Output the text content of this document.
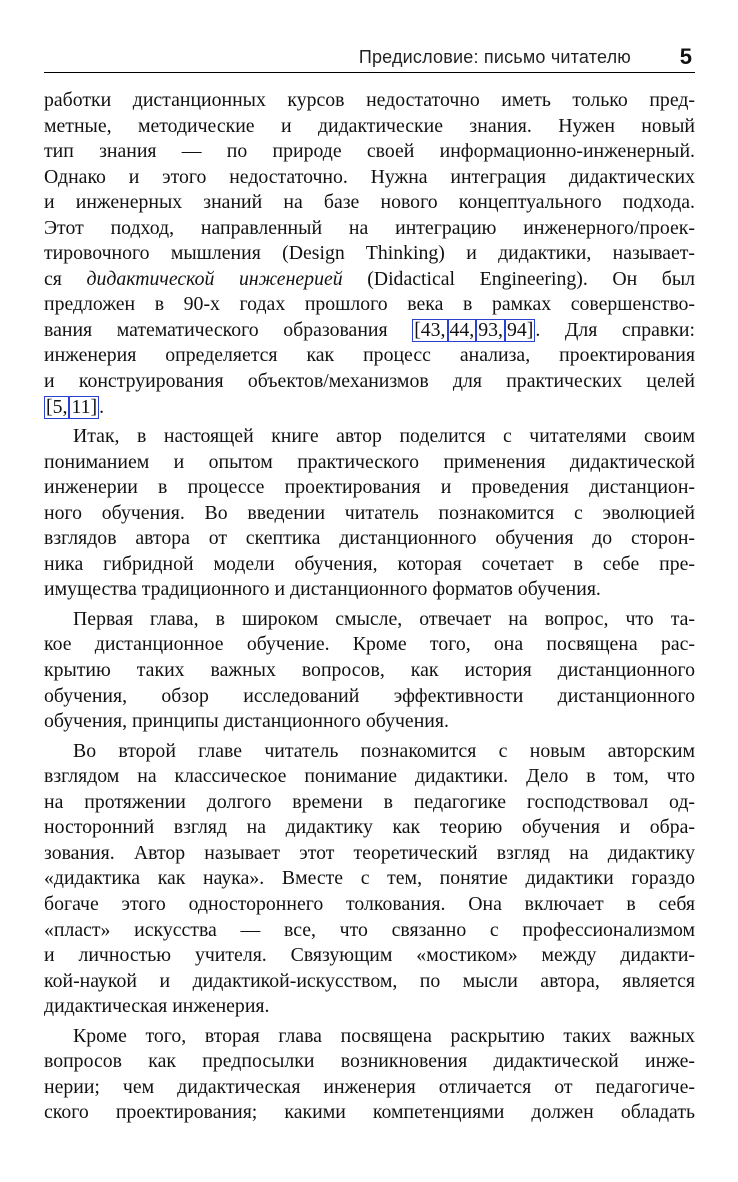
Предисловие: письмо читателю 5
работки дистанционных курсов недостаточно иметь только пред-
метные, методические и дидактические знания. Нужен новый
тип знания — по природе своей информационно-инженерный.
Однако и этого недостаточно. Нужна интеграция дидактических
и инженерных знаний на базе нового концептуального подхода.
Этот подход, направленный на интеграцию инженерного/проек-
тировочного мышления (Design Thinking) и дидактики, называет-
ся дидактической инженерией (Didactical Engineering). Он был
предложен в 90-х годах прошлого века в рамках совершенство-
вания математического образования [43, 44, 93, 94] . Для справки:
инженерия определяется как процесс анализа, проектирования
и конструирования объектов/механизмов для практических целей
[5, 11] .
Итак, в настоящей книге автор поделится с читателями своим
пониманием и опытом практического применения дидактической
инженерии в процессе проектирования и проведения дистанцион-
ного обучения. Во введении читатель познакомится с эволюцией
взглядов автора от скептика дистанционного обучения до сторон-
ника гибридной модели обучения, которая сочетает в себе пре-
имущества традиционного и дистанционного форматов обучения.
Первая глава, в широком смысле, отвечает на вопрос, что та-
кое дистанционное обучение. Кроме того, она посвящена рас-
крытию таких важных вопросов, как история дистанционного
обучения, обзор исследований эффективности дистанционного
обучения, принципы дистанционного обучения.
Во второй главе читатель познакомится с новым авторским
взглядом на классическое понимание дидактики. Дело в том, что
на протяжении долгого времени в педагогике господствовал од-
носторонний взгляд на дидактику как теорию обучения и обра-
зования. Автор называет этот теоретический взгляд на дидактику
«дидактика как наука». Вместе с тем, понятие дидактики гораздо
богаче этого одностороннего толкования. Она включает в себя
«пласт» искусства — все, что связанно с профессионализмом
и личностью учителя. Связующим «мостиком» между дидакти-
кой-наукой и дидактикой-искусством, по мысли автора, является
дидактическая инженерия.
Кроме того, вторая глава посвящена раскрытию таких важных
вопросов как предпосылки возникновения дидактической инже-
нерии; чем дидактическая инженерия отличается от педагогиче-
ского проектирования; какими компетенциями должен обладать
